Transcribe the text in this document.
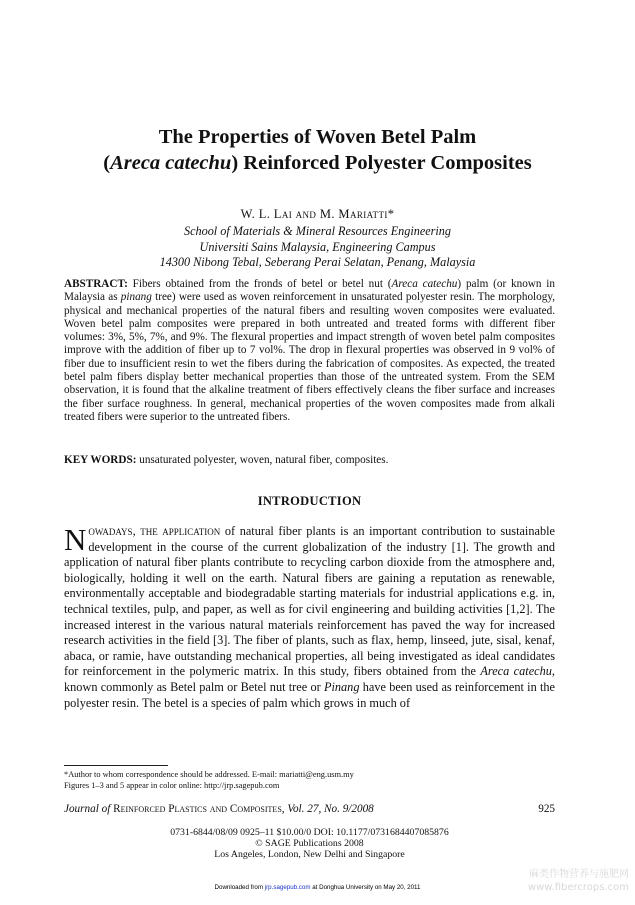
The Properties of Woven Betel Palm
(Areca catechu) Reinforced Polyester Composites
W. L. Lai and M. Mariatti*
School of Materials & Mineral Resources Engineering
Universiti Sains Malaysia, Engineering Campus
14300 Nibong Tebal, Seberang Perai Selatan, Penang, Malaysia

ABSTRACT: Fibers obtained from the fronds of betel or betel nut (Areca catechu) palm (or known in Malaysia as pinang tree) were used as woven reinforcement in unsaturated polyester resin. The morphology, physical and mechanical properties of the natural fibers and resulting woven composites were evaluated. Woven betel palm composites were prepared in both untreated and treated forms with different fiber volumes: 3%, 5%, 7%, and 9%. The flexural properties and impact strength of woven betel palm composites improve with the addition of fiber up to 7 vol%. The drop in flexural properties was observed in 9 vol% of fiber due to insufficient resin to wet the fibers during the fabrication of composites. As expected, the treated betel palm fibers display better mechanical properties than those of the untreated system. From the SEM observation, it is found that the alkaline treatment of fibers effectively cleans the fiber surface and increases the fiber surface roughness. In general, mechanical properties of the woven composites made from alkali treated fibers were superior to the untreated fibers.

KEY WORDS: unsaturated polyester, woven, natural fiber, composites.

INTRODUCTION

Nowadays, the application of natural fiber plants is an important contribution to sustainable development in the course of the current globalization of the industry [1]. The growth and application of natural fiber plants contribute to recycling carbon dioxide from the atmosphere and, biologically, holding it well on the earth. Natural fibers are gaining a reputation as renewable, environmentally acceptable and biodegradable starting materials for industrial applications e.g. in, technical textiles, pulp, and paper, as well as for civil engineering and building activities [1,2]. The increased interest in the various natural materials reinforcement has paved the way for increased research activities in the field [3]. The fiber of plants, such as flax, hemp, linseed, jute, sisal, kenaf, abaca, or ramie, have outstanding mechanical properties, all being investigated as ideal candidates for reinforcement in the polymeric matrix. In this study, fibers obtained from the Areca catechu, known commonly as Betel palm or Betel nut tree or Pinang have been used as reinforcement in the polyester resin. The betel is a species of palm which grows in much of

*Author to whom correspondence should be addressed. E-mail: mariatti@eng.usm.my
Figures 1–3 and 5 appear in color online: http://jrp.sagepub.com
Journal of Reinforced Plastics and Composites, Vol. 27, No. 9/2008	925
0731-6844/08/09 0925–11 $10.00/0 DOI: 10.1177/0731684407085876
© SAGE Publications 2008
Los Angeles, London, New Delhi and Singapore
Downloaded from jrp.sagepub.com at Donghua University on May 20, 2011
麻类作物营养与施肥网
www.fibercrops.com
